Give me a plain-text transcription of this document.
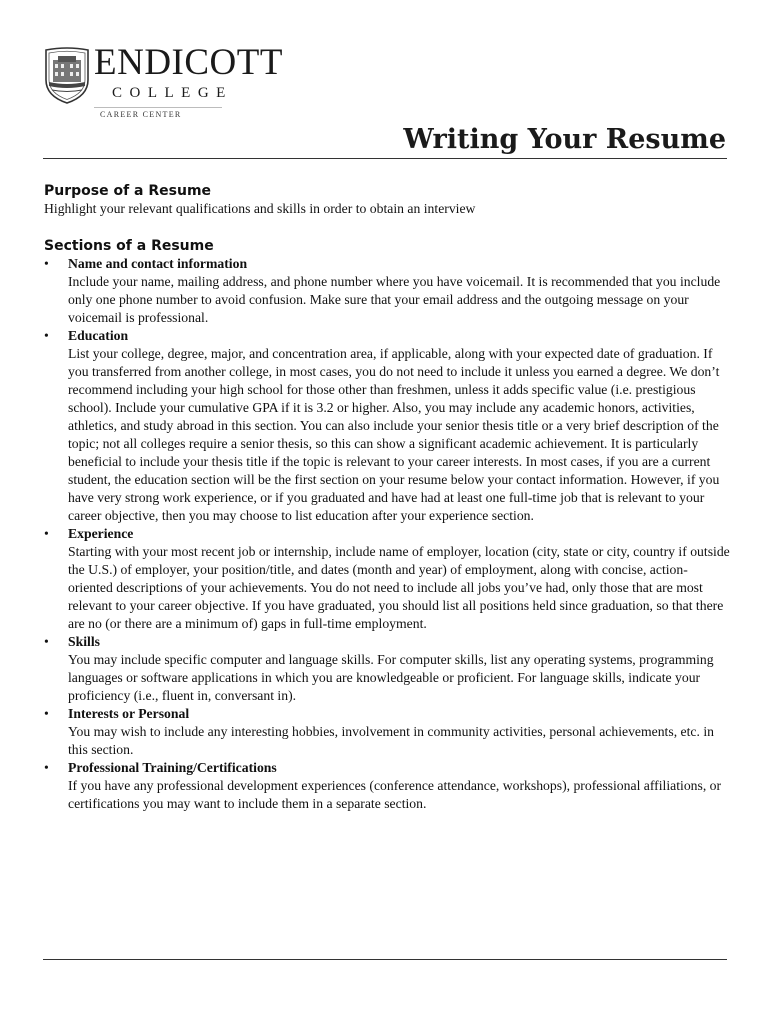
ENDICOTT
COLLEGE
CAREER CENTER
Writing Your Resume
Purpose of a Resume

Highlight your relevant qualifications and skills in order to obtain an interview

Sections of a Resume
• Name and contact information
Include your name, mailing address, and phone number where you have voicemail. It is recommended that you include only one phone number to avoid confusion. Make sure that your email address and the outgoing message on your voicemail is professional.
• Education
List your college, degree, major, and concentration area, if applicable, along with your expected date of graduation. If you transferred from another college, in most cases, you do not need to include it unless you earned a degree. We don’t recommend including your high school for those other than freshmen, unless it adds specific value (i.e. prestigious school). Include your cumulative GPA if it is 3.2 or higher. Also, you may include any academic honors, activities, athletics, and study abroad in this section. You can also include your senior thesis title or a very brief description of the topic; not all colleges require a senior thesis, so this can show a significant academic achievement. It is particularly beneficial to include your thesis title if the topic is relevant to your career interests. In most cases, if you are a current student, the education section will be the first section on your resume below your contact information. However, if you have very strong work experience, or if you graduated and have had at least one full-time job that is relevant to your career objective, then you may choose to list education after your experience section.
• Experience
Starting with your most recent job or internship, include name of employer, location (city, state or city, country if outside the U.S.) of employer, your position/title, and dates (month and year) of employment, along with concise, action-oriented descriptions of your achievements. You do not need to include all jobs you’ve had, only those that are most relevant to your career objective. If you have graduated, you should list all positions held since graduation, so that there are no (or there are a minimum of) gaps in full-time employment.
• Skills
You may include specific computer and language skills. For computer skills, list any operating systems, programming languages or software applications in which you are knowledgeable or proficient. For language skills, indicate your proficiency (i.e., fluent in, conversant in).
• Interests or Personal
You may wish to include any interesting hobbies, involvement in community activities, personal achievements, etc. in this section.
• Professional Training/Certifications
If you have any professional development experiences (conference attendance, workshops), professional affiliations, or certifications you may want to include them in a separate section.
